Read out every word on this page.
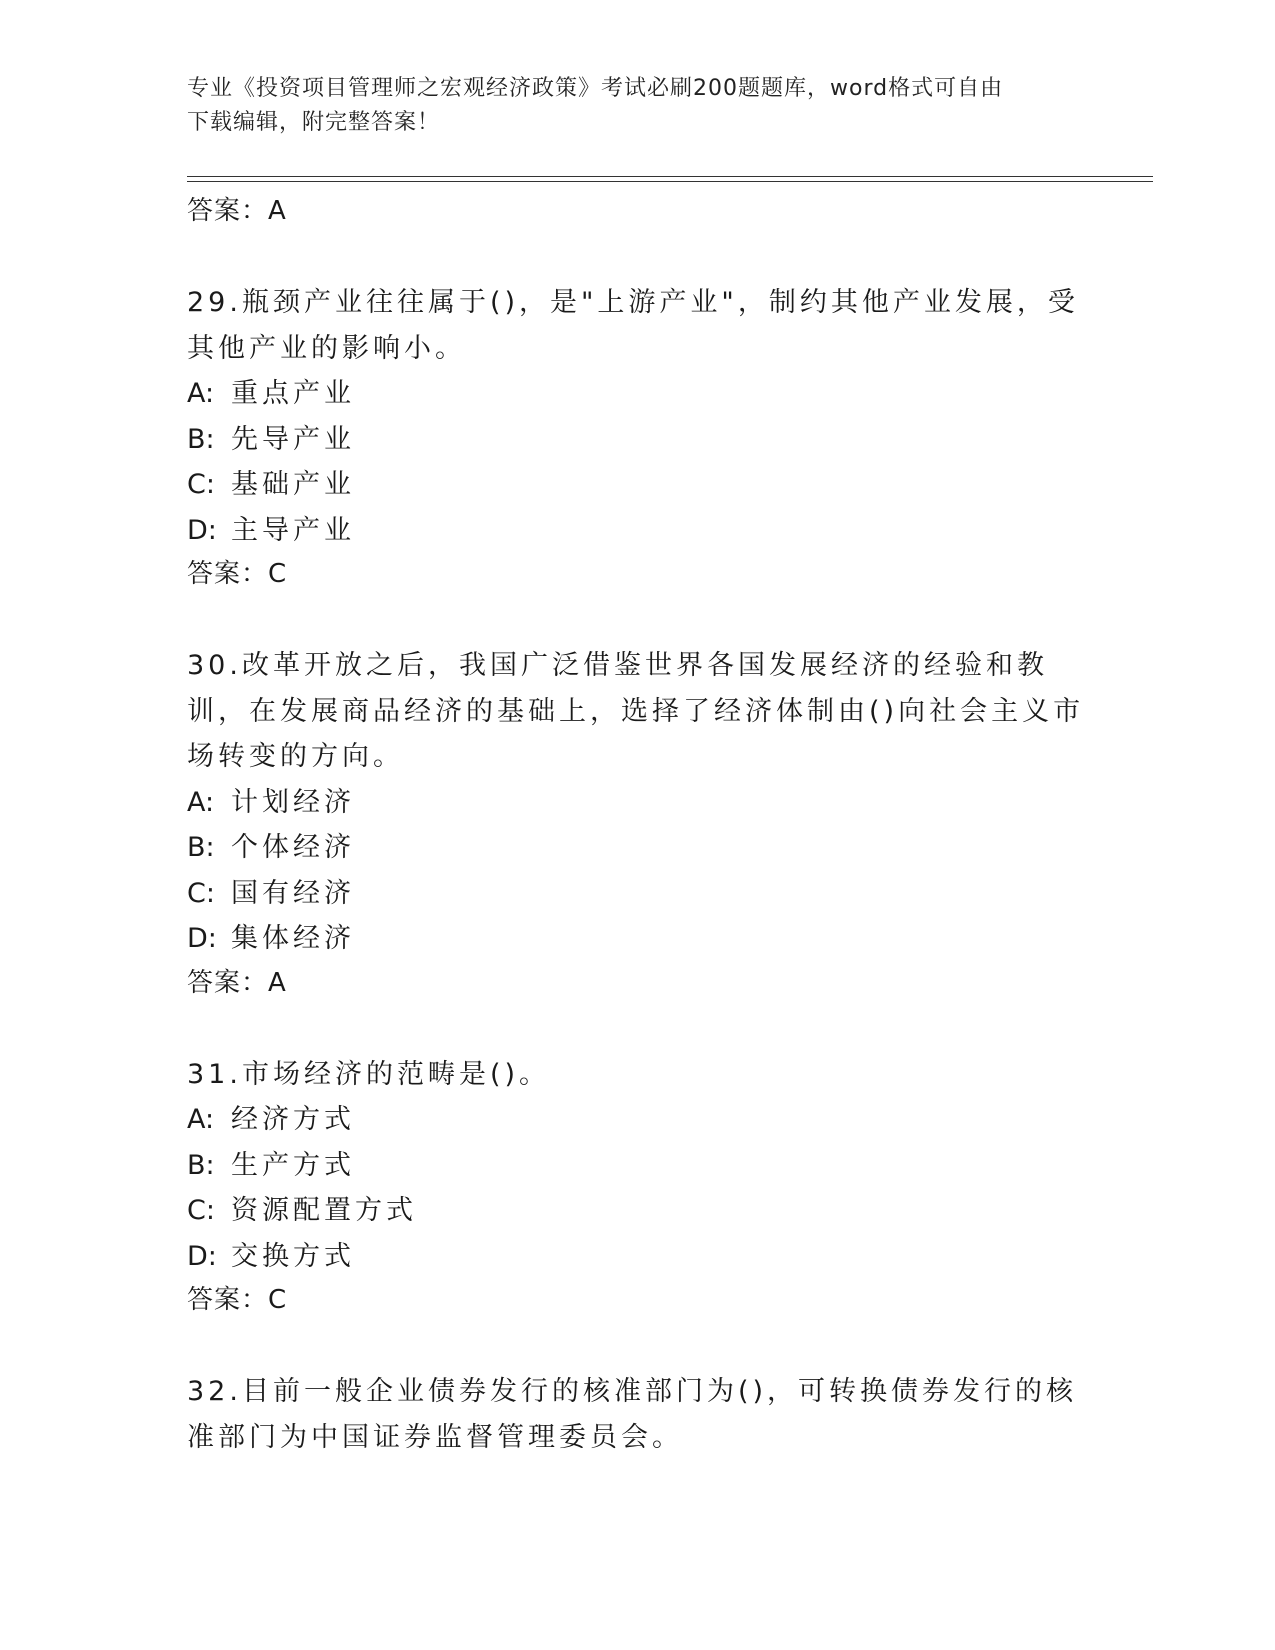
专业《投资项目管理师之宏观经济政策》考试必刷200题题库，word格式可自由
下载编辑，附完整答案！
答案：A
29.瓶颈产业往往属于()，是"上游产业"，制约其他产业发展，受其他产业的影响小。
A: 重点产业
B: 先导产业
C: 基础产业
D: 主导产业
答案：C
30.改革开放之后，我国广泛借鉴世界各国发展经济的经验和教训，在发展商品经济的基础上，选择了经济体制由()向社会主义市场转变的方向。
A: 计划经济
B: 个体经济
C: 国有经济
D: 集体经济
答案：A
31.市场经济的范畴是()。
A: 经济方式
B: 生产方式
C: 资源配置方式
D: 交换方式
答案：C
32.目前一般企业债券发行的核准部门为()，可转换债券发行的核准部门为中国证券监督管理委员会。
